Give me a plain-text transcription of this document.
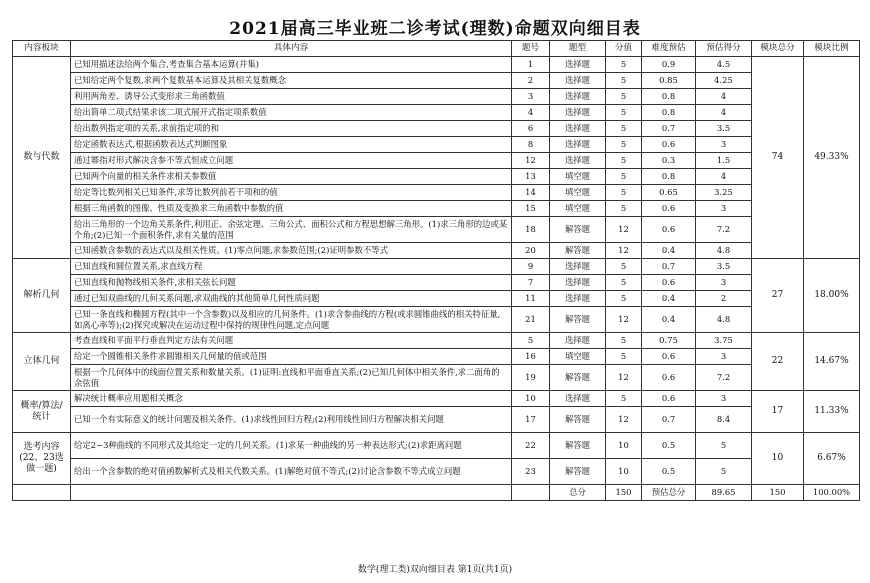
2021届高三毕业班二诊考试(理数)命题双向细目表
内容板块	具体内容	题号	题型	分值	难度预估	预估得分	模块总分	模块比例
数与代数	已知用描述法给两个集合,考查集合基本运算(并集)	1	选择题	5	0.9	4.5	74	49.33%
	已知给定两个复数,求两个复数基本运算及其相关复数概念	2	选择题	5	0.85	4.25		
	利用两角差、诱导公式变形求三角函数值	3	选择题	5	0.8	4		
	给出简单二项式结果求该二项式展开式指定项系数值	4	选择题	5	0.8	4		
	给出数列指定项的关系,求前指定项的和	6	选择题	5	0.7	3.5		
	给定函数表达式,根据函数表达式判断图象	8	选择题	5	0.6	3		
	通过幂指对形式解决含参不等式恒成立问题	12	选择题	5	0.3	1.5		
	已知两个向量的相关条件求相关参数值	13	填空题	5	0.8	4		
	给定等比数列相关已知条件,求等比数列前若干项和的值	14	填空题	5	0.65	3.25		
	根据三角函数的图像、性质及变换求三角函数中参数的值	15	填空题	5	0.6	3		
	给出三角形的一个边角关系条件,利用正、余弦定理、三角公式、面积公式和方程思想解三角形。(1)求三角形的边或某个角;(2)已知一个面积条件,求有关量的范围	18	解答题	12	0.6	7.2		
	已知函数含参数的表达式以及相关性质。(1)零点问题,求参数范围;(2)证明参数不等式	20	解答题	12	0.4	4.8		
解析几何	已知直线和圆位置关系,求直线方程	9	选择题	5	0.7	3.5	27	18.00%
	已知直线和抛物线相关条件,求相关弦长问题	7	选择题	5	0.6	3		
	通过已知双曲线的几何关系问题,求双曲线的其他简单几何性质问题	11	选择题	5	0.4	2		
	已知一条直线和椭圆方程(其中一个含参数)以及相应的几何条件。(1)求含参曲线的方程(或求圆锥曲线的相关特征量,如离心率等);(2)探究或解决在运动过程中保持的规律性问题,定点问题	21	解答题	12	0.4	4.8		
立体几何	考查直线和平面平行垂直判定方法有关问题	5	选择题	5	0.75	3.75	22	14.67%
	给定一个圆锥相关条件求圆锥相关几何量的值或范围	16	填空题	5	0.6	3		
	根据一个几何体中的线面位置关系和数量关系。(1)证明:直线和平面垂直关系;(2)已知几何体中相关条件,求二面角的余弦值	19	解答题	12	0.6	7.2		
概率/算法/统计	解决统计概率应用题相关概念	10	选择题	5	0.6	3	17	11.33%
	已知一个有实际意义的统计问题及相关条件。(1)求线性回归方程;(2)利用线性回归方程解决相关问题	17	解答题	12	0.7	8.4		
选考内容(22、23选做一题)	给定2~3种曲线的不同形式及其给定一定的几何关系。(1)求某一种曲线的另一种表达形式;(2)求距离问题	22	解答题	10	0.5	5	10	6.67%
	给出一个含参数的绝对值函数解析式及相关代数关系。(1)解绝对值不等式;(2)讨论含参数不等式成立问题	23	解答题	10	0.5	5		
			总分	150	预估总分	89.65	150	100.00%
数学(理工类)双向细目表 第1页(共1页)
